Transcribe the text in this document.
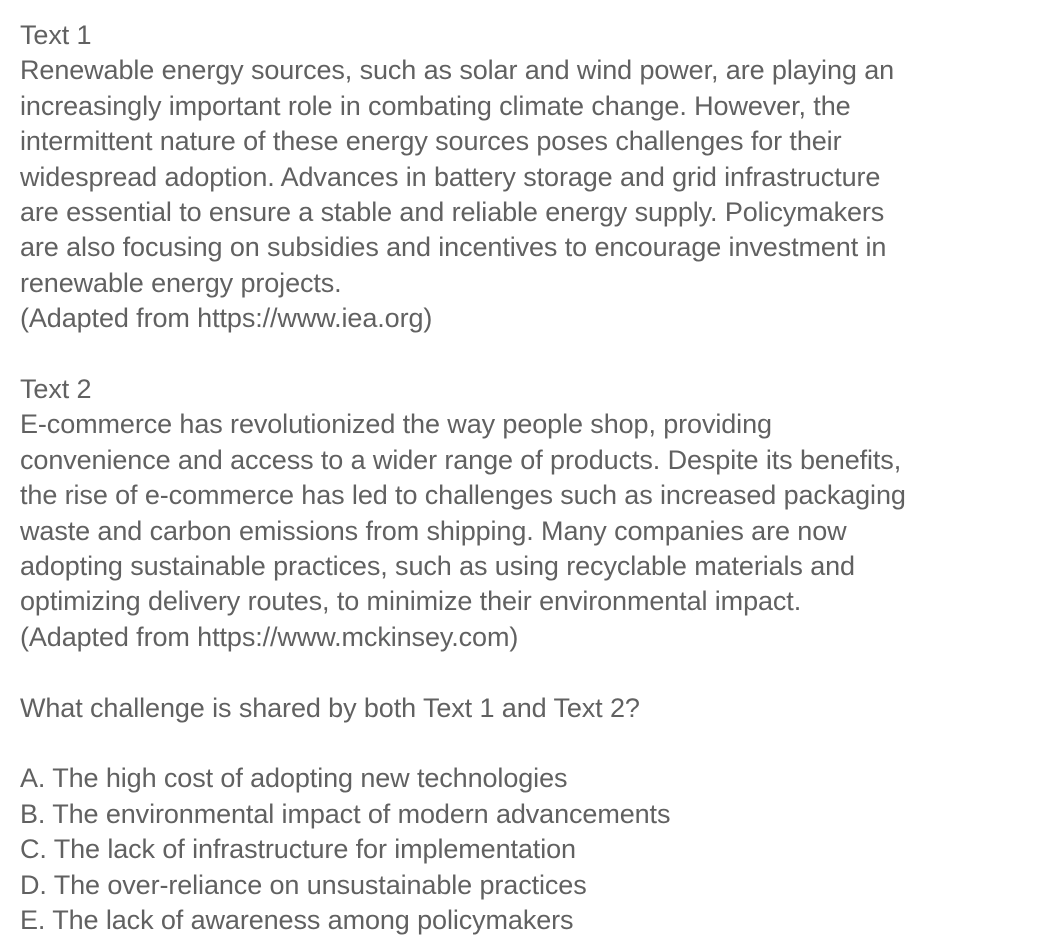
Text 1
Renewable energy sources, such as solar and wind power, are playing an
increasingly important role in combating climate change. However, the
intermittent nature of these energy sources poses challenges for their
widespread adoption. Advances in battery storage and grid infrastructure
are essential to ensure a stable and reliable energy supply. Policymakers
are also focusing on subsidies and incentives to encourage investment in
renewable energy projects.
(Adapted from https://www.iea.org)
Text 2
E-commerce has revolutionized the way people shop, providing
convenience and access to a wider range of products. Despite its benefits,
the rise of e-commerce has led to challenges such as increased packaging
waste and carbon emissions from shipping. Many companies are now
adopting sustainable practices, such as using recyclable materials and
optimizing delivery routes, to minimize their environmental impact.
(Adapted from https://www.mckinsey.com)
What challenge is shared by both Text 1 and Text 2?
A. The high cost of adopting new technologies
B. The environmental impact of modern advancements
C. The lack of infrastructure for implementation
D. The over-reliance on unsustainable practices
E. The lack of awareness among policymakers
